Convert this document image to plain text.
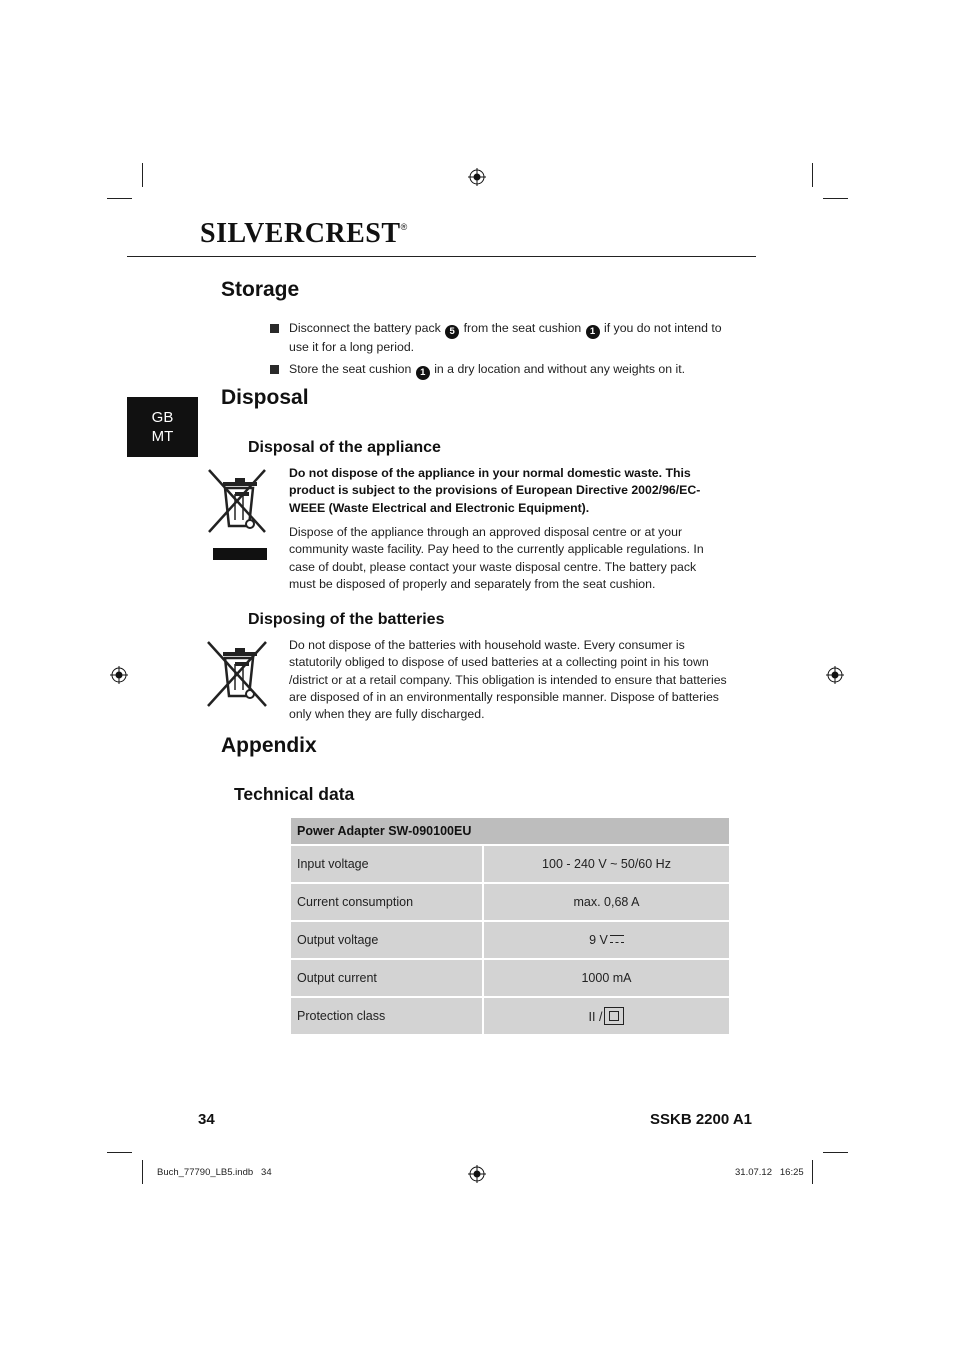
SILVERCREST®
GB
MT
Storage
Disconnect the battery pack 5 from the seat cushion 1 if you do not intend to use it for a long period.
Store the seat cushion 1 in a dry location and without any weights on it.
Disposal
Disposal of the appliance
Do not dispose of the appliance in your normal domestic waste. This product is subject to the provisions of European Directive 2002/96/EC-WEEE (Waste Electrical and Electronic Equipment).
Dispose of the appliance through an approved disposal centre or at your community waste facility. Pay heed to the currently applicable regulations. In case of doubt, please contact your waste disposal centre. The battery pack must be disposed of properly and separately from the seat cushion.
Disposing of the batteries
Do not dispose of the batteries with household waste. Every consumer is statutorily obliged to dispose of used batteries at a collecting point in his town /district or at a retail company. This obligation is intended to ensure that batteries are disposed of in an environmentally responsible manner. Dispose of batteries only when they are fully discharged.
Appendix
Technical data
Power Adapter SW-090100EU	
Input voltage	100 - 240 V ~ 50/60 Hz
Current consumption	max. 0,68 A
Output voltage	9 V
Output current	1000 mA
Protection class	II /
34	SSKB 2200 A1
Buch_77790_LB5.indb   34	31.07.12   16:25
